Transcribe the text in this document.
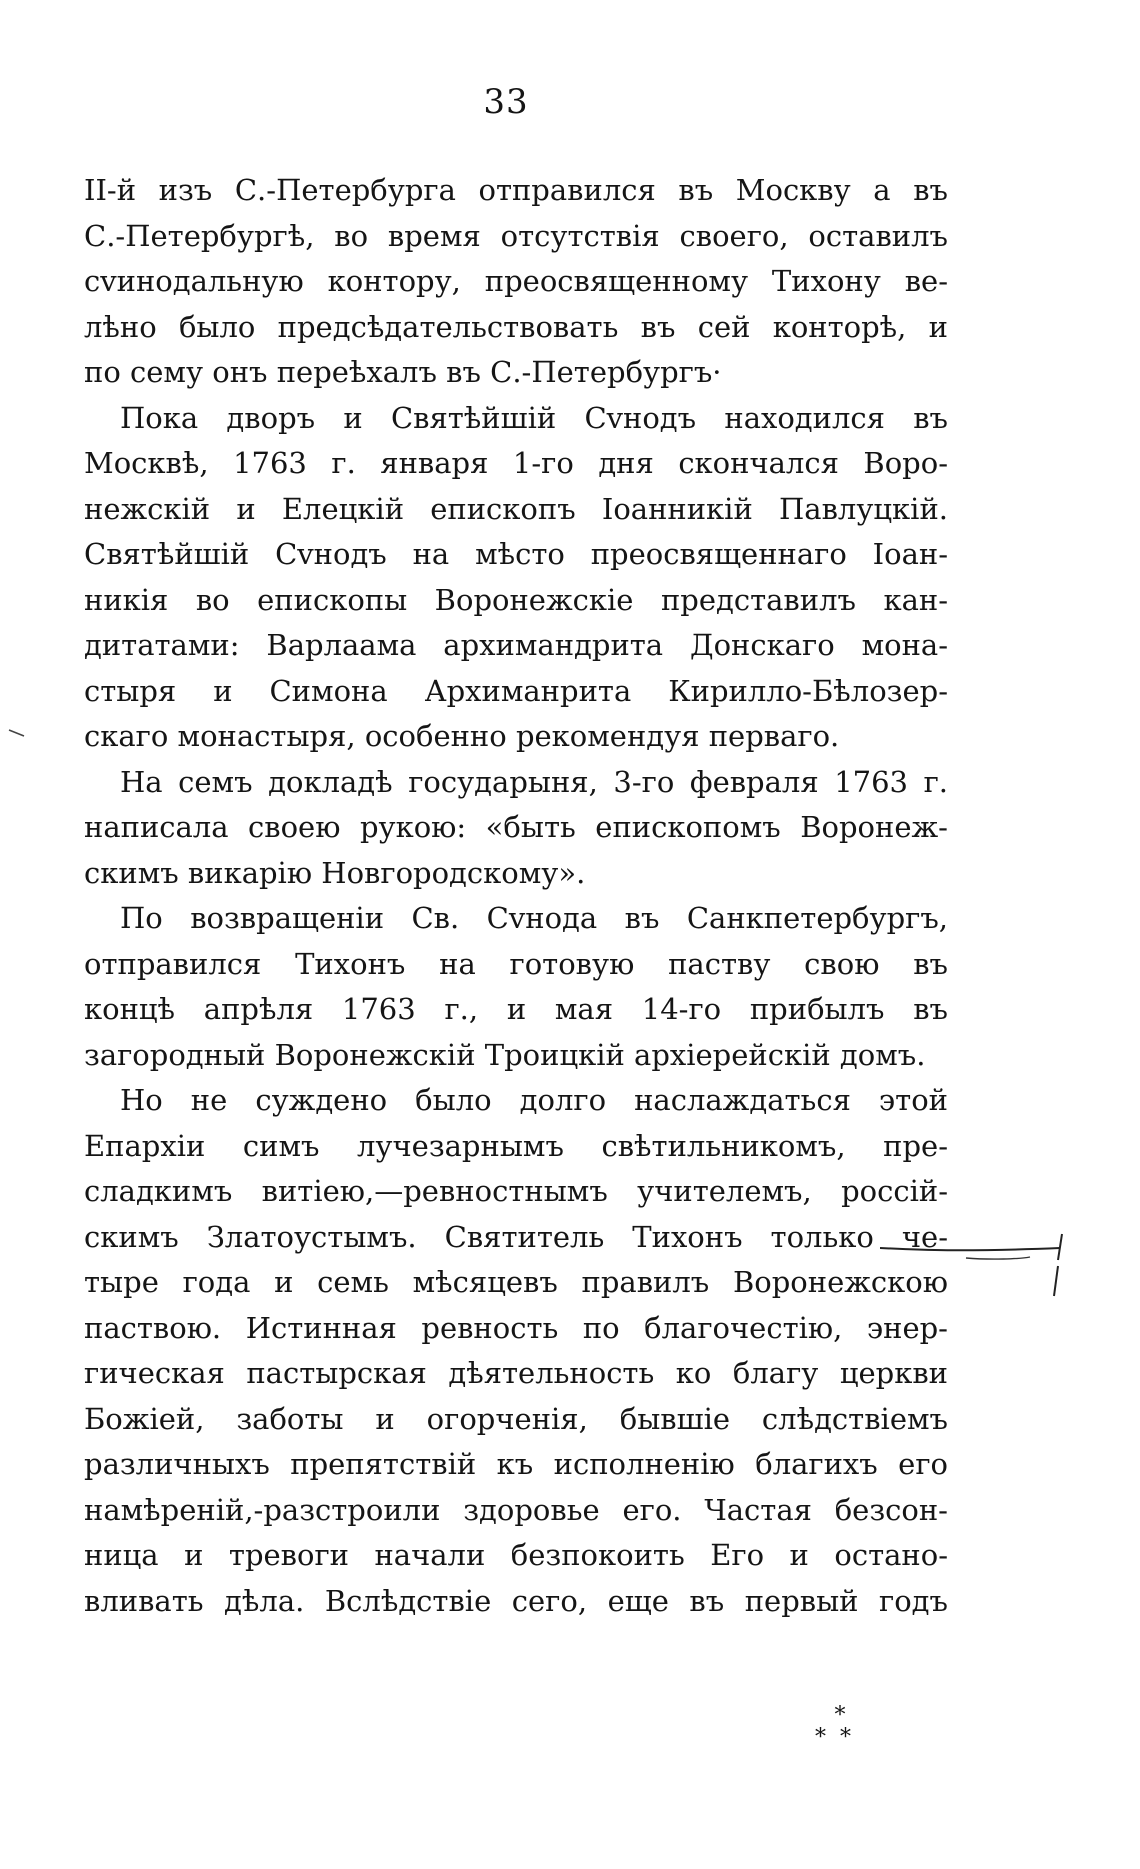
33
II-й изъ С.-Петербурга отправился въ Москву а въ
С.-Петербургѣ, во время отсутствія своего, оставилъ
сvинодальную контору, преосвященному Тихону ве-
лѣно было предсѣдательствовать въ сей конторѣ, и
по сему онъ переѣхалъ въ С.-Петербургъ·
Пока дворъ и Святѣйшій Сvнодъ находился въ
Москвѣ, 1763 г. января 1-го дня скончался Воро-
нежскій и Елецкій епископъ Іоанникій Павлуцкій.
Святѣйшій Сvнодъ на мѣсто преосвященнаго Іоан-
никія во епископы Воронежскіе представилъ кан-
дитатами: Варлаама архимандрита Донскаго мона-
стыря и Симона Архиманрита Кирилло-Бѣлозер-
скаго монастыря, особенно рекомендуя перваго.
На семъ докладѣ государыня, 3-го февраля 1763 г.
написала своею рукою: «быть епископомъ Воронеж-
скимъ викарію Новгородскому».
По возвращеніи Св. Сvнода въ Санкпетербургъ,
отправился Тихонъ на готовую паству свою въ
концѣ апрѣля 1763 г., и мая 14-го прибылъ въ
загородный Воронежскій Троицкій архіерейскій домъ.
Но не суждено было долго наслаждаться этой
Епархіи симъ лучезарнымъ свѣтильникомъ, пре-
сладкимъ витіею,—ревностнымъ учителемъ, россій-
скимъ Златоустымъ. Святитель Тихонъ только че-
тыре года и семь мѣсяцевъ правилъ Воронежскою
паствою. Истинная ревность по благочестію, энер-
гическая пастырская дѣятельность ко благу церкви
Божіей, заботы и огорченія, бывшіе слѣдствіемъ
различныхъ препятствій къ исполненію благихъ его
намѣреній,-разстроили здоровье его. Частая безсон-
ница и тревоги начали безпокоить Его и остано-
вливать дѣла. Вслѣдствіе сего, еще въ первый годъ
*
**
